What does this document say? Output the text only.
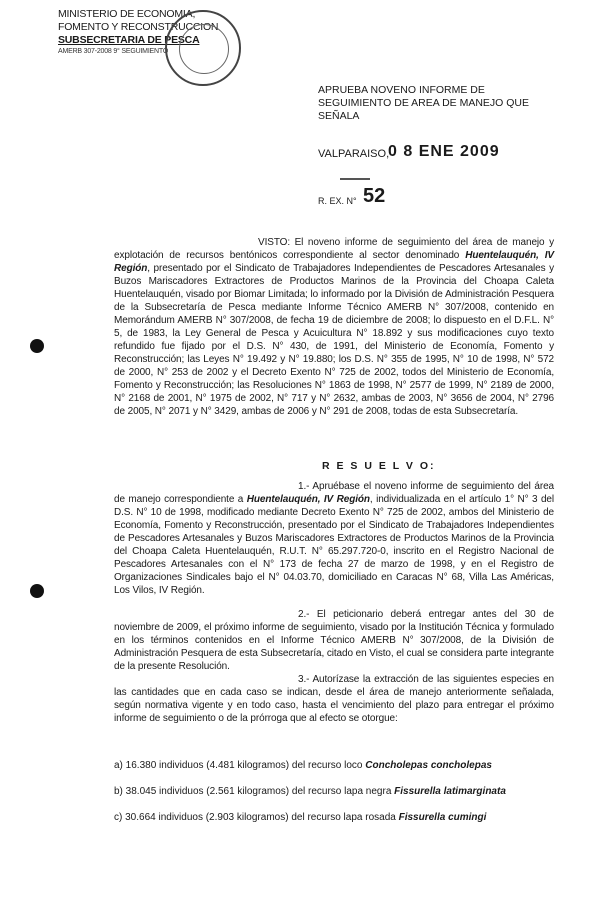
MINISTERIO DE ECONOMIA,
FOMENTO Y RECONSTRUCCION
SUBSECRETARIA DE PESCA
AMERB 307-2008 9° SEGUIMIENTO
APRUEBA NOVENO INFORME DE
SEGUIMIENTO DE AREA DE MANEJO QUE
SEÑALA
VALPARAISO,
0 8 ENE 2009
R. EX. N° 52
VISTO: El noveno informe de seguimiento del área de manejo y explotación de recursos bentónicos correspondiente al sector denominado Huentelauquén, IV Región, presentado por el Sindicato de Trabajadores Independientes de Pescadores Artesanales y Buzos Mariscadores Extractores de Productos Marinos de la Provincia del Choapa Caleta Huentelauquén, visado por Biomar Limitada; lo informado por la División de Administración Pesquera de la Subsecretaría de Pesca mediante Informe Técnico AMERB N° 307/2008, contenido en Memorándum AMERB N° 307/2008, de fecha 19 de diciembre de 2008; lo dispuesto en el D.F.L. N° 5, de 1983, la Ley General de Pesca y Acuicultura N° 18.892 y sus modificaciones cuyo texto refundido fue fijado por el D.S. N° 430, de 1991, del Ministerio de Economía, Fomento y Reconstrucción; las Leyes N° 19.492 y N° 19.880; los D.S. N° 355 de 1995, N° 10 de 1998, N° 572 de 2000, N° 253 de 2002 y el Decreto Exento N° 725 de 2002, todos del Ministerio de Economía, Fomento y Reconstrucción; las Resoluciones N° 1863 de 1998, N° 2577 de 1999, N° 2189 de 2000, N° 2168 de 2001, N° 1975 de 2002, N° 717 y N° 2632, ambas de 2003, N° 3656 de 2004, N° 2796 de 2005, N° 2071 y N° 3429, ambas de 2006 y N° 291 de 2008, todas de esta Subsecretaría.
R E S U E L V O:
1.- Apruébase el noveno informe de seguimiento del área de manejo correspondiente a Huentelauquén, IV Región, individualizada en el artículo 1° N° 3 del D.S. N° 10 de 1998, modificado mediante Decreto Exento N° 725 de 2002, ambos del Ministerio de Economía, Fomento y Reconstrucción, presentado por el Sindicato de Trabajadores Independientes de Pescadores Artesanales y Buzos Mariscadores Extractores de Productos Marinos de la Provincia del Choapa Caleta Huentelauquén, R.U.T. N° 65.297.720-0, inscrito en el Registro Nacional de Pescadores Artesanales con el N° 173 de fecha 27 de marzo de 1998, y en el Registro de Organizaciones Sindicales bajo el N° 04.03.70, domiciliado en Caracas N° 68, Villa Las Américas, Los Vilos, IV Región.
2.- El peticionario deberá entregar antes del 30 de noviembre de 2009, el próximo informe de seguimiento, visado por la Institución Técnica y formulado en los términos contenidos en el Informe Técnico AMERB N° 307/2008, de la División de Administración Pesquera de esta Subsecretaría, citado en Visto, el cual se considera parte integrante de la presente Resolución.
3.- Autorízase la extracción de las siguientes especies en las cantidades que en cada caso se indican, desde el área de manejo anteriormente señalada, según normativa vigente y en todo caso, hasta el vencimiento del plazo para entregar el próximo informe de seguimiento o de la prórroga que al efecto se otorgue:
a) 16.380 individuos (4.481 kilogramos) del recurso loco Concholepas concholepas
b) 38.045 individuos (2.561 kilogramos) del recurso lapa negra Fissurella latimarginata
c) 30.664 individuos (2.903 kilogramos) del recurso lapa rosada Fissurella cumingi
